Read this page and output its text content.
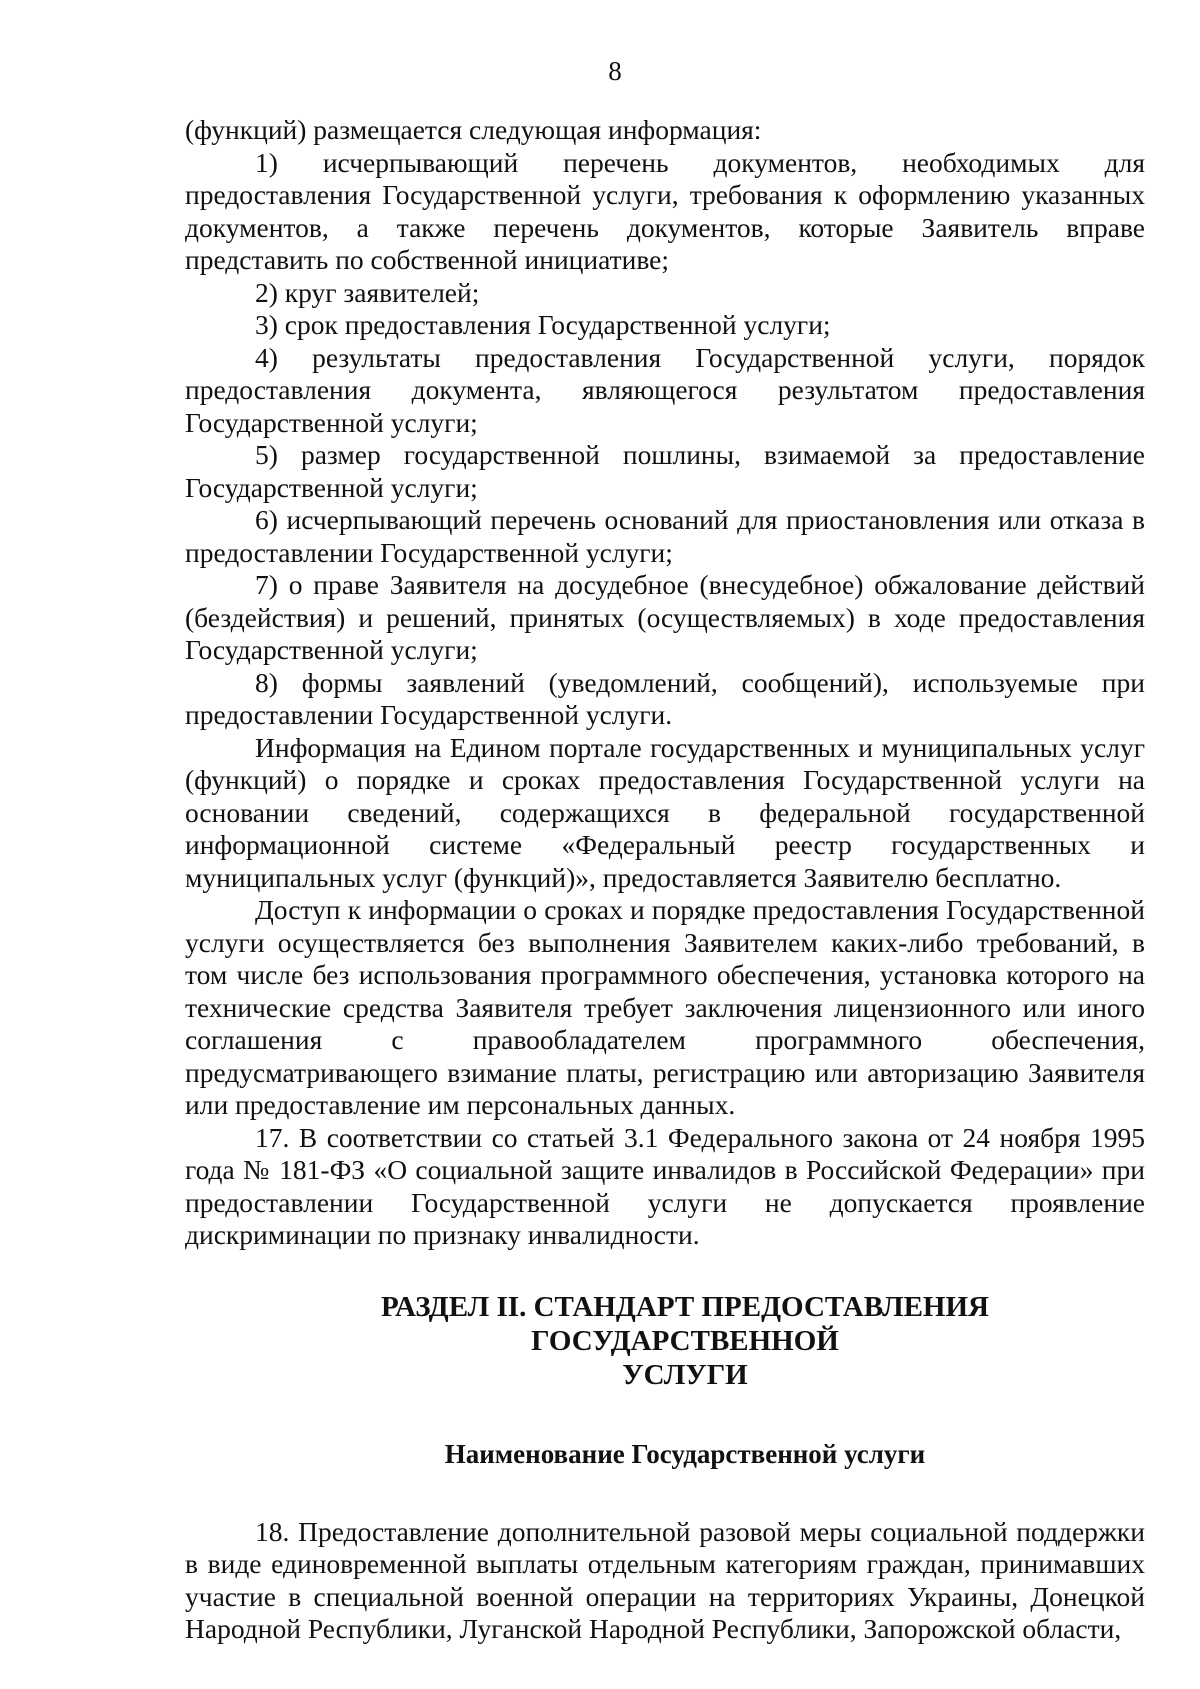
8

(функций) размещается следующая информация:

1) исчерпывающий перечень документов, необходимых для предоставления Государственной услуги, требования к оформлению указанных документов, а также перечень документов, которые Заявитель вправе представить по собственной инициативе;

2) круг заявителей;

3) срок предоставления Государственной услуги;

4) результаты предоставления Государственной услуги, порядок предоставления документа, являющегося результатом предоставления Государственной услуги;

5) размер государственной пошлины, взимаемой за предоставление Государственной услуги;

6) исчерпывающий перечень оснований для приостановления или отказа в предоставлении Государственной услуги;

7) о праве Заявителя на досудебное (внесудебное) обжалование действий (бездействия) и решений, принятых (осуществляемых) в ходе предоставления Государственной услуги;

8) формы заявлений (уведомлений, сообщений), используемые при предоставлении Государственной услуги.

Информация на Едином портале государственных и муниципальных услуг (функций) о порядке и сроках предоставления Государственной услуги на основании сведений, содержащихся в федеральной государственной информационной системе «Федеральный реестр государственных и муниципальных услуг (функций)», предоставляется Заявителю бесплатно.

Доступ к информации о сроках и порядке предоставления Государственной услуги осуществляется без выполнения Заявителем каких-либо требований, в том числе без использования программного обеспечения, установка которого на технические средства Заявителя требует заключения лицензионного или иного соглашения с правообладателем программного обеспечения, предусматривающего взимание платы, регистрацию или авторизацию Заявителя или предоставление им персональных данных.

17. В соответствии со статьей 3.1 Федерального закона от 24 ноября 1995 года № 181-ФЗ «О социальной защите инвалидов в Российской Федерации» при предоставлении Государственной услуги не допускается проявление дискриминации по признаку инвалидности.

РАЗДЕЛ II. СТАНДАРТ ПРЕДОСТАВЛЕНИЯ ГОСУДАРСТВЕННОЙ
УСЛУГИ

Наименование Государственной услуги

18. Предоставление дополнительной разовой меры социальной поддержки в виде единовременной выплаты отдельным категориям граждан, принимавших участие в специальной военной операции на территориях Украины, Донецкой Народной Республики, Луганской Народной Республики, Запорожской области,
